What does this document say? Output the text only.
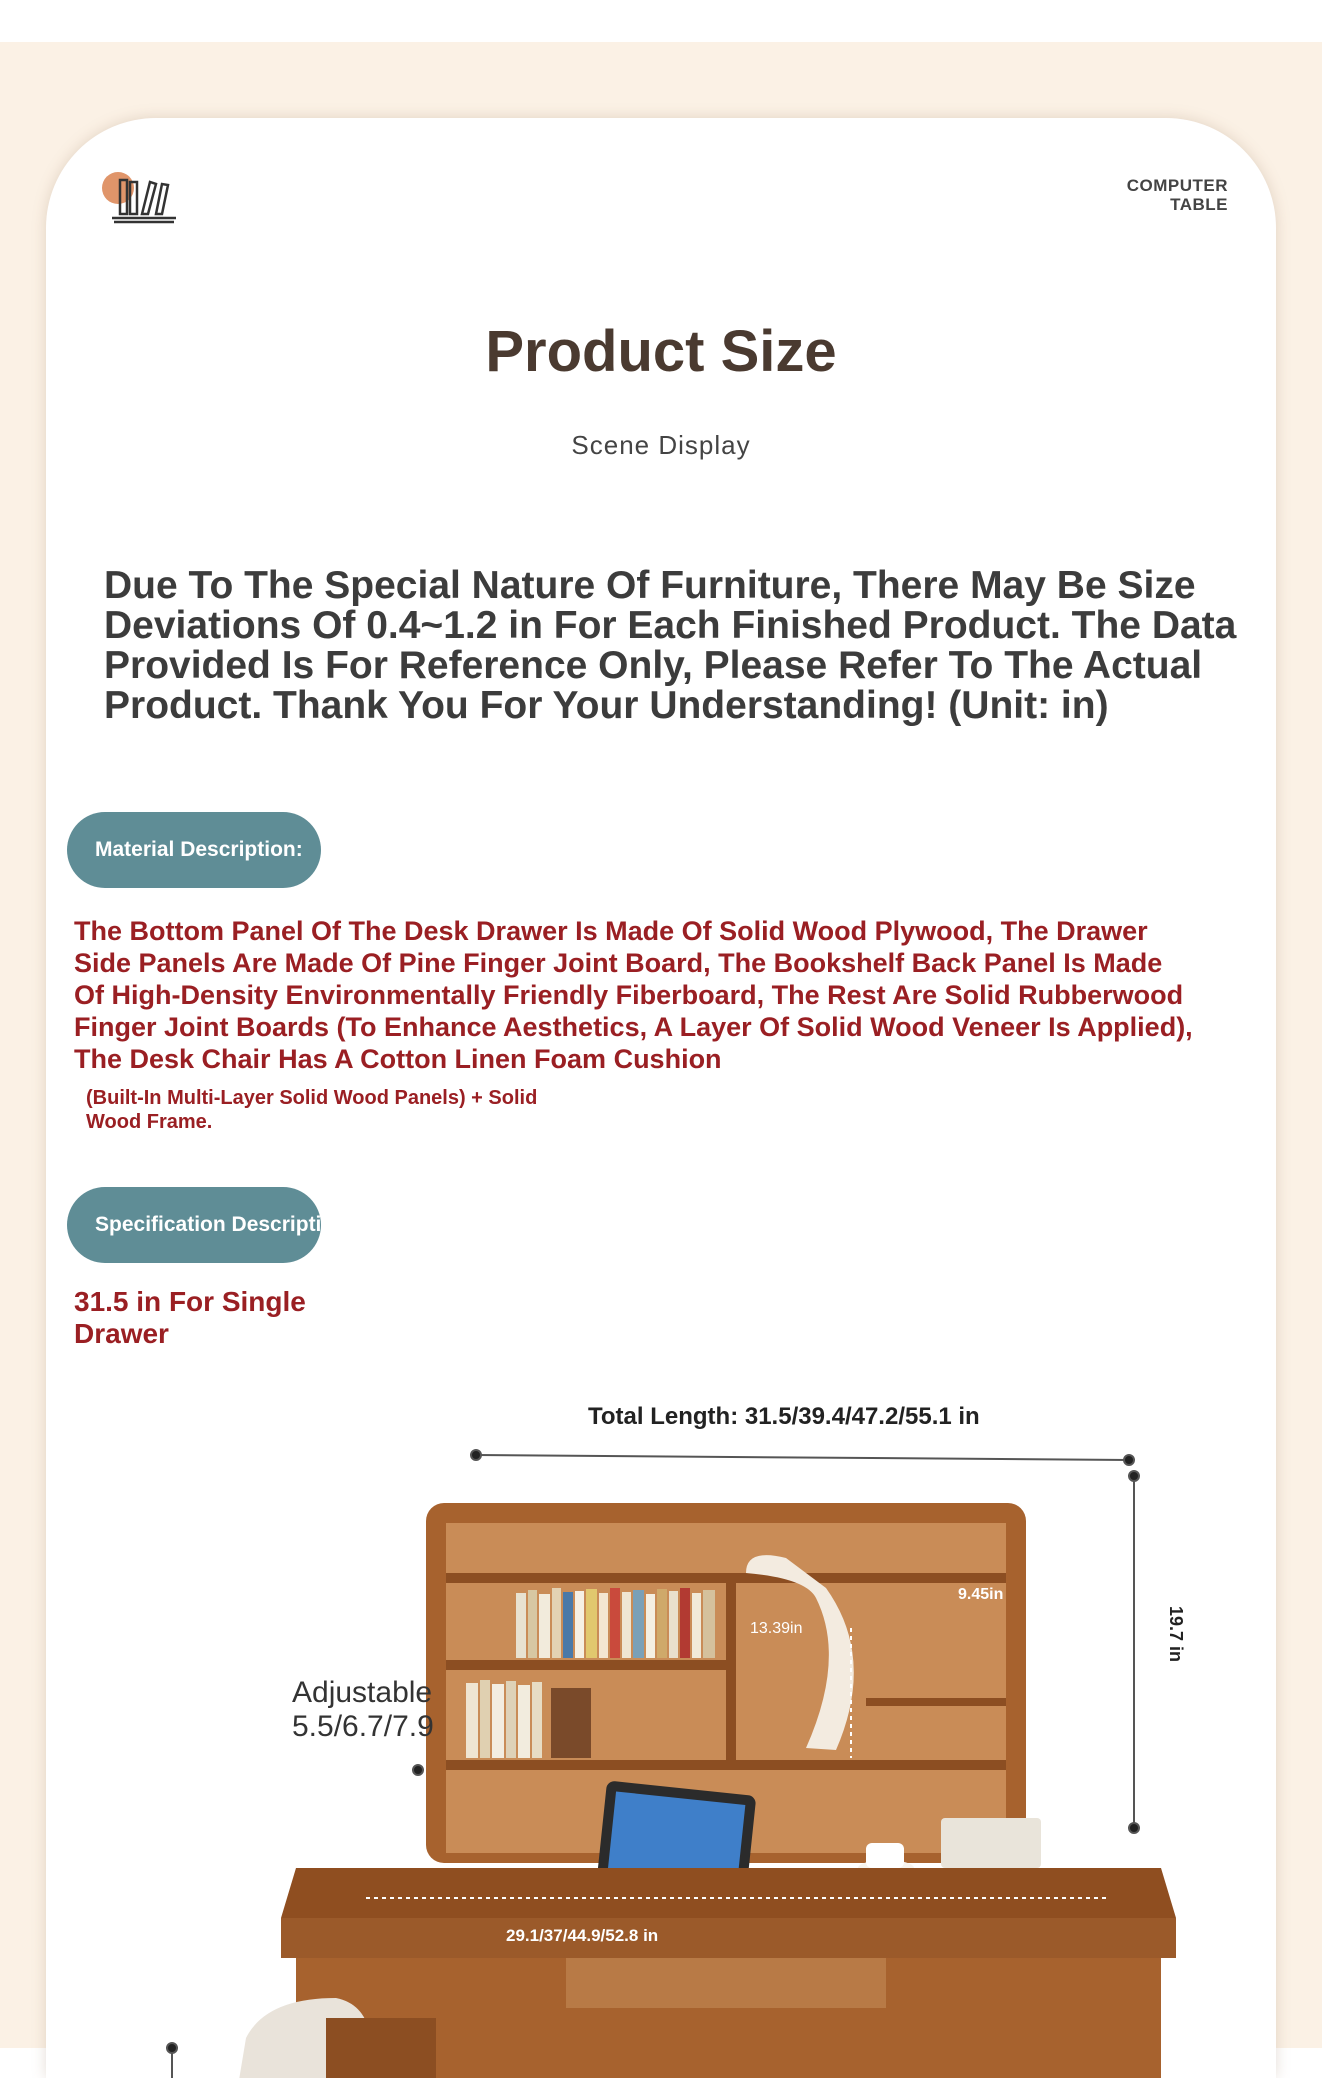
COMPUTER
TABLE
Product Size
Scene Display
Due To The Special Nature Of Furniture, There May Be Size Deviations Of 0.4~1.2 in For Each Finished Product. The Data Provided Is For Reference Only, Please Refer To The Actual Product. Thank You For Your Understanding! (Unit: in)
Material Description:
The Bottom Panel Of The Desk Drawer Is Made Of Solid Wood Plywood, The Drawer Side Panels Are Made Of Pine Finger Joint Board, The Bookshelf Back Panel Is Made Of High-Density Environmentally Friendly Fiberboard, The Rest Are Solid Rubberwood Finger Joint Boards (To Enhance Aesthetics, A Layer Of Solid Wood Veneer Is Applied), The Desk Chair Has A Cotton Linen Foam Cushion
(Built-In Multi-Layer Solid Wood Panels) + Solid Wood Frame.
Specification Description
31.5 in For Single Drawer
Total Length: 31.5/39.4/47.2/55.1 in
Adjustable
5.5/6.7/7.9
19.7 in
9.45in
13.39in
29.1/37/44.9/52.8 in
